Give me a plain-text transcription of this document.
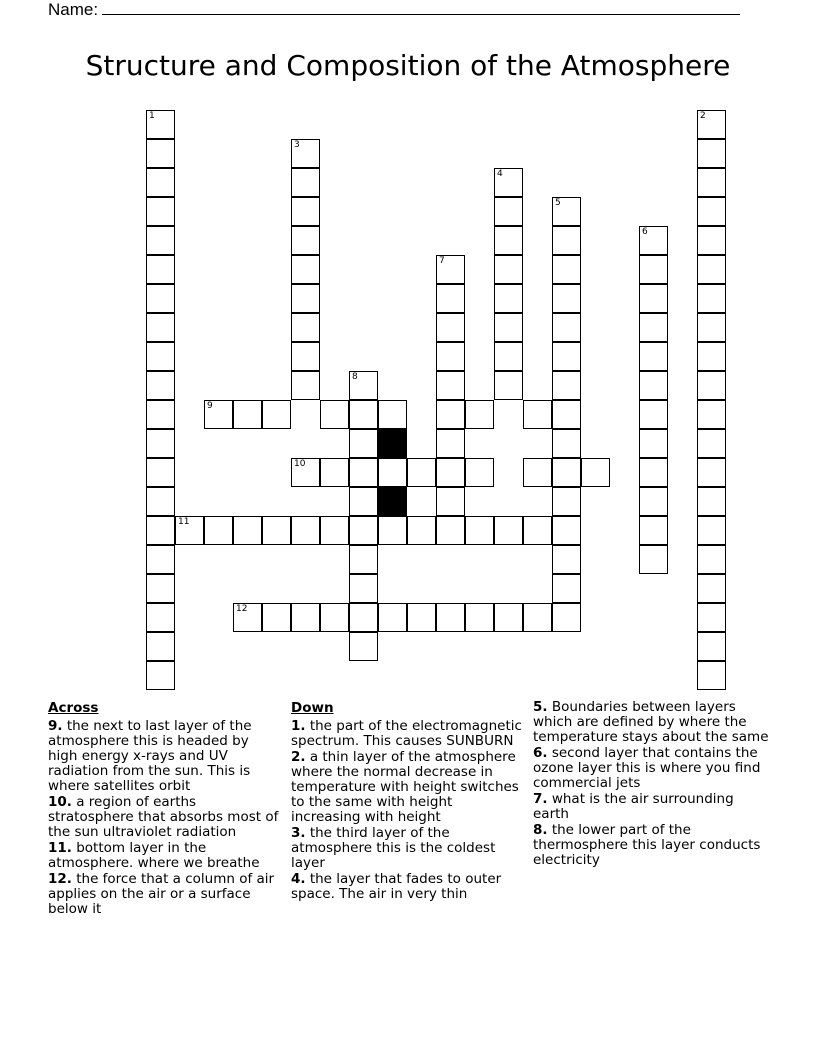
Name:
Structure and Composition of the Atmosphere
1	2
3
4
5
6
7
8
9
10
11
12
Across
9. the next to last layer of the atmosphere this is headed by high energy x-rays and UV radiation from the sun. This is where satellites orbit
10. a region of earths stratosphere that absorbs most of the sun ultraviolet radiation
11. bottom layer in the atmosphere. where we breathe
12. the force that a column of air applies on the air or a surface below it
Down
1. the part of the electromagnetic spectrum. This causes SUNBURN
2. a thin layer of the atmosphere where the normal decrease in temperature with height switches to the same with height increasing with height
3. the third layer of the atmosphere this is the coldest layer
4. the layer that fades to outer space. The air in very thin
5. Boundaries between layers which are defined by where the temperature stays about the same
6. second layer that contains the ozone layer this is where you find commercial jets
7. what is the air surrounding earth
8. the lower part of the thermosphere this layer conducts electricity
